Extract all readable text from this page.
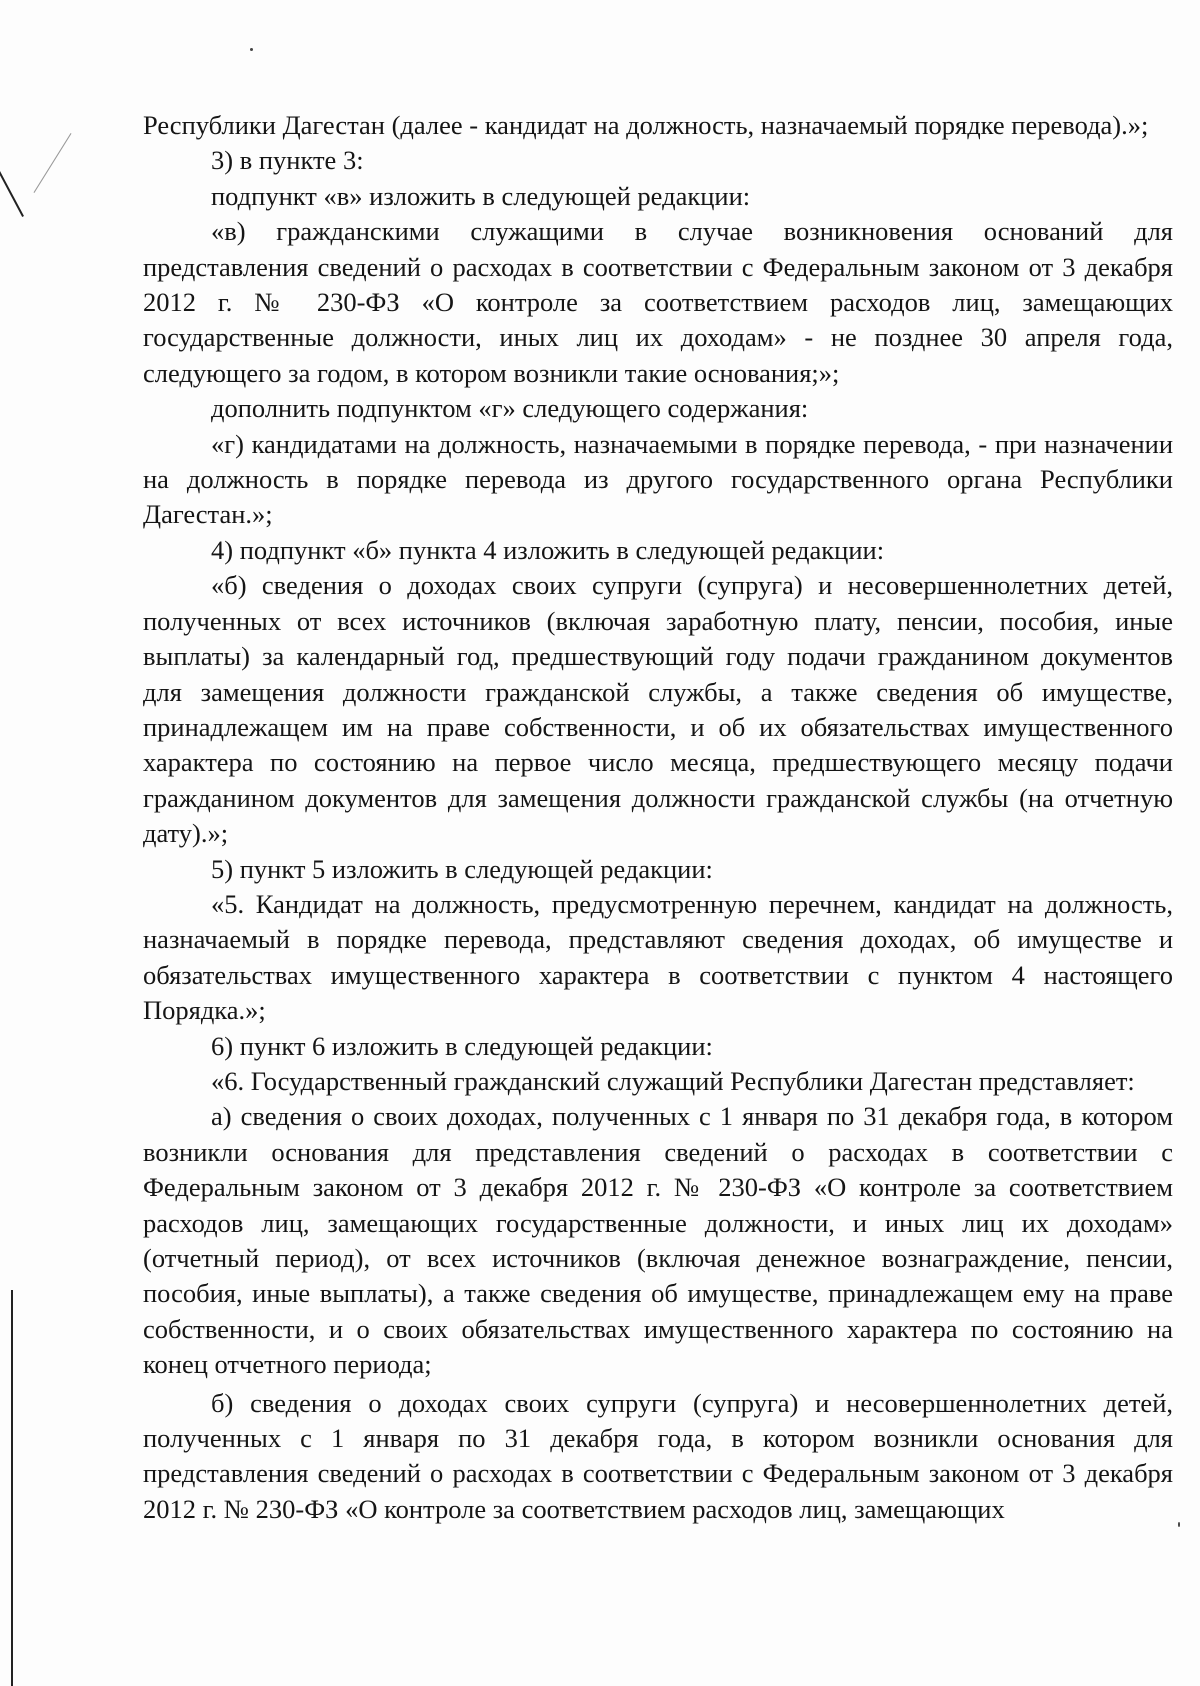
Республики Дагестан (далее - кандидат на должность, назначаемый порядке перевода).»;

3) в пункте 3:

подпункт «в» изложить в следующей редакции:

«в) гражданскими служащими в случае возникновения оснований для представления сведений о расходах в соответствии с Федеральным законом от 3 декабря 2012 г. № 230-ФЗ «О контроле за соответствием расходов лиц, замещающих государственные должности, иных лиц их доходам» - не позднее 30 апреля года, следующего за годом, в котором возникли такие основания;»;

дополнить подпунктом «г» следующего содержания:

«г) кандидатами на должность, назначаемыми в порядке перевода, - при назначении на должность в порядке перевода из другого государственного органа Республики Дагестан.»;

4) подпункт «б» пункта 4 изложить в следующей редакции:

«б) сведения о доходах своих супруги (супруга) и несовершеннолетних детей, полученных от всех источников (включая заработную плату, пенсии, пособия, иные выплаты) за календарный год, предшествующий году подачи гражданином документов для замещения должности гражданской службы, а также сведения об имуществе, принадлежащем им на праве собственности, и об их обязательствах имущественного характера по состоянию на первое число месяца, предшествующего месяцу подачи гражданином документов для замещения должности гражданской службы (на отчетную дату).»;

5) пункт 5 изложить в следующей редакции:

«5. Кандидат на должность, предусмотренную перечнем, кандидат на должность, назначаемый в порядке перевода, представляют сведения доходах, об имуществе и обязательствах имущественного характера в соответствии с пунктом 4 настоящего Порядка.»;

6) пункт 6 изложить в следующей редакции:

«6. Государственный гражданский служащий Республики Дагестан представляет:

а) сведения о своих доходах, полученных с 1 января по 31 декабря года, в котором возникли основания для представления сведений о расходах в соответствии с Федеральным законом от 3 декабря 2012 г. № 230-ФЗ «О контроле за соответствием расходов лиц, замещающих государственные должности, и иных лиц их доходам» (отчетный период), от всех источников (включая денежное вознаграждение, пенсии, пособия, иные выплаты), а также сведения об имуществе, принадлежащем ему на праве собственности, и о своих обязательствах имущественного характера по состоянию на конец отчетного периода;

б) сведения о доходах своих супруги (супруга) и несовершеннолетних детей, полученных с 1 января по 31 декабря года, в котором возникли основания для представления сведений о расходах в соответствии с Федеральным законом от 3 декабря 2012 г. № 230-ФЗ «О контроле за соответствием расходов лиц, замещающих
